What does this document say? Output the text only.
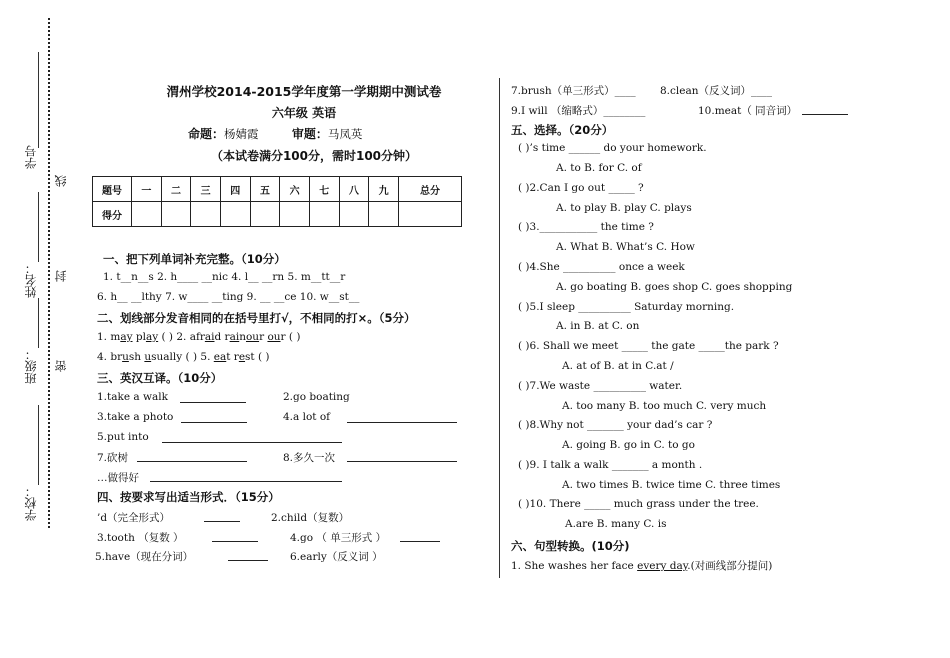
学号
线
姓名： 封
班级： 密
学校：
渭州学校2014-2015学年度第一学期期中测试卷
六年级 英语
命题：杨婧霞	审题：马凤英
（本试卷满分100分，需时100分钟）
题号	一	二	三	四	五	六	七	八	九	总分
得分										
一、把下列单词补充完整。（10分）
1. t__n__s 2. h____ __nic 4. l__ __rn 5. m__tt__r
6. h__ __lthy 7. w____ __ting 9. __ __ce 10. w__st__
二、划线部分发音相同的在括号里打√，不相同的打×。（5分）
1. may play ( ) 2. afraid rainour our ( )
4. brush usually ( ) 5. eat rest ( )
三、英汉互译。（10分）
1.take a walk	2.go boating
3.take a photo	4.a lot of
5.put into
7.砍树	8.多久一次
…做得好
四、按要求写出适当形式．（15分）
’d（完全形式）	2.child（复数）
3.tooth （复数 ）	4.go （ 单三形式 ）
5.have（现在分词）	6.early（反义词 ）
7.brush（单三形式）____ 8.clean（反义词）____
9.I will （缩略式）________	10.meat（ 同音词）
五、选择。（20分）
( )’s time ______ do your homework.
A. to B. for C. of
( )2.Can I go out _____ ?
A. to play B. play C. plays
( )3.___________ the time ?
A. What B. What’s C. How
( )4.She __________ once a week
A. go boating B. goes shop C. goes shopping
( )5.I sleep __________ Saturday morning.
A. in B. at C. on
( )6. Shall we meet _____ the gate _____the park ?
A. at of B. at in C.at /
( )7.We waste __________ water.
A. too many B. too much C. very much
( )8.Why not _______ your dad’s car ?
A. going B. go in C. to go
( )9. I talk a walk _______ a month .
A. two times B. twice time C. three times
( )10. There _____ much grass under the tree.
A.are B. many C. is
六、句型转换。(10分)
1. She washes her face every day.(对画线部分提问)
